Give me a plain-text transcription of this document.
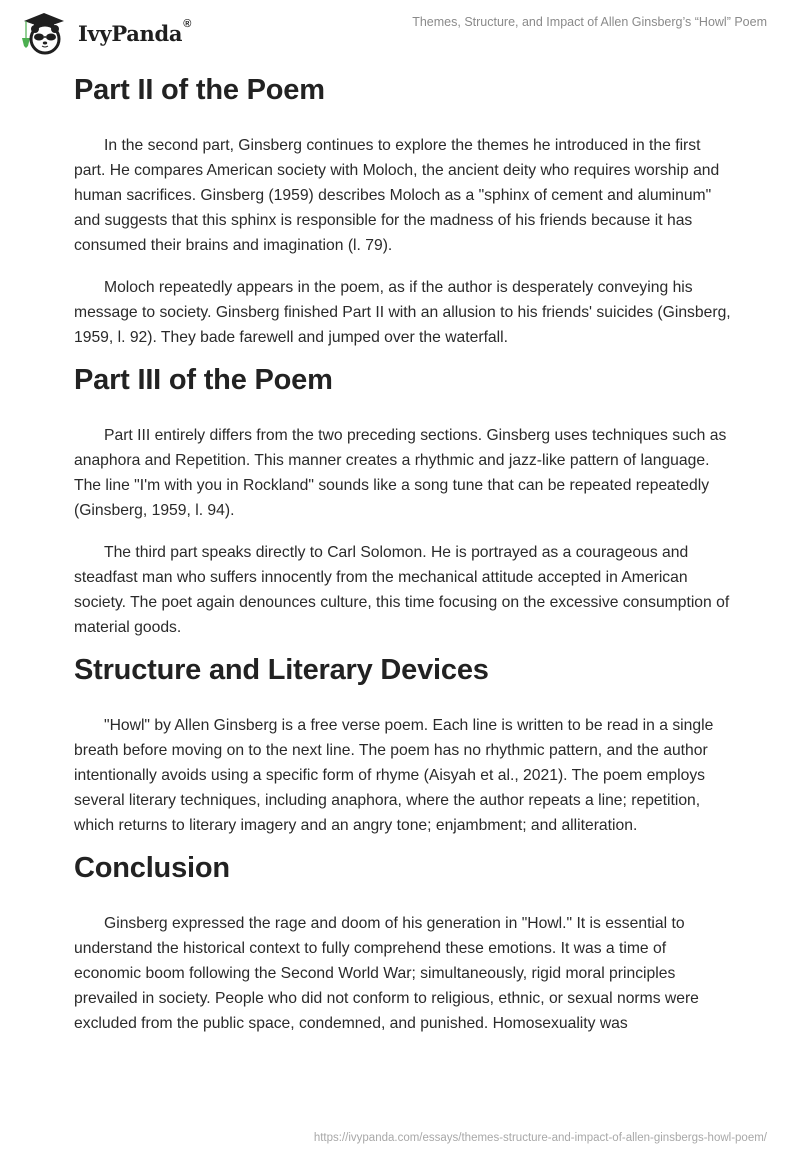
IvyPanda®	Themes, Structure, and Impact of Allen Ginsberg’s “Howl” Poem
Part II of the Poem

In the second part, Ginsberg continues to explore the themes he introduced in the first part. He compares American society with Moloch, the ancient deity who requires worship and human sacrifices. Ginsberg (1959) describes Moloch as a "sphinx of cement and aluminum" and suggests that this sphinx is responsible for the madness of his friends because it has consumed their brains and imagination (l. 79).

Moloch repeatedly appears in the poem, as if the author is desperately conveying his message to society. Ginsberg finished Part II with an allusion to his friends' suicides (Ginsberg, 1959, l. 92). They bade farewell and jumped over the waterfall.

Part III of the Poem

Part III entirely differs from the two preceding sections. Ginsberg uses techniques such as anaphora and Repetition. This manner creates a rhythmic and jazz-like pattern of language. The line "I'm with you in Rockland" sounds like a song tune that can be repeated repeatedly (Ginsberg, 1959, l. 94).

The third part speaks directly to Carl Solomon. He is portrayed as a courageous and steadfast man who suffers innocently from the mechanical attitude accepted in American society. The poet again denounces culture, this time focusing on the excessive consumption of material goods.

Structure and Literary Devices

"Howl" by Allen Ginsberg is a free verse poem. Each line is written to be read in a single breath before moving on to the next line. The poem has no rhythmic pattern, and the author intentionally avoids using a specific form of rhyme (Aisyah et al., 2021). The poem employs several literary techniques, including anaphora, where the author repeats a line; repetition, which returns to literary imagery and an angry tone; enjambment; and alliteration.

Conclusion

Ginsberg expressed the rage and doom of his generation in "Howl." It is essential to understand the historical context to fully comprehend these emotions. It was a time of economic boom following the Second World War; simultaneously, rigid moral principles prevailed in society. People who did not conform to religious, ethnic, or sexual norms were excluded from the public space, condemned, and punished. Homosexuality was

https://ivypanda.com/essays/themes-structure-and-impact-of-allen-ginsbergs-howl-poem/
